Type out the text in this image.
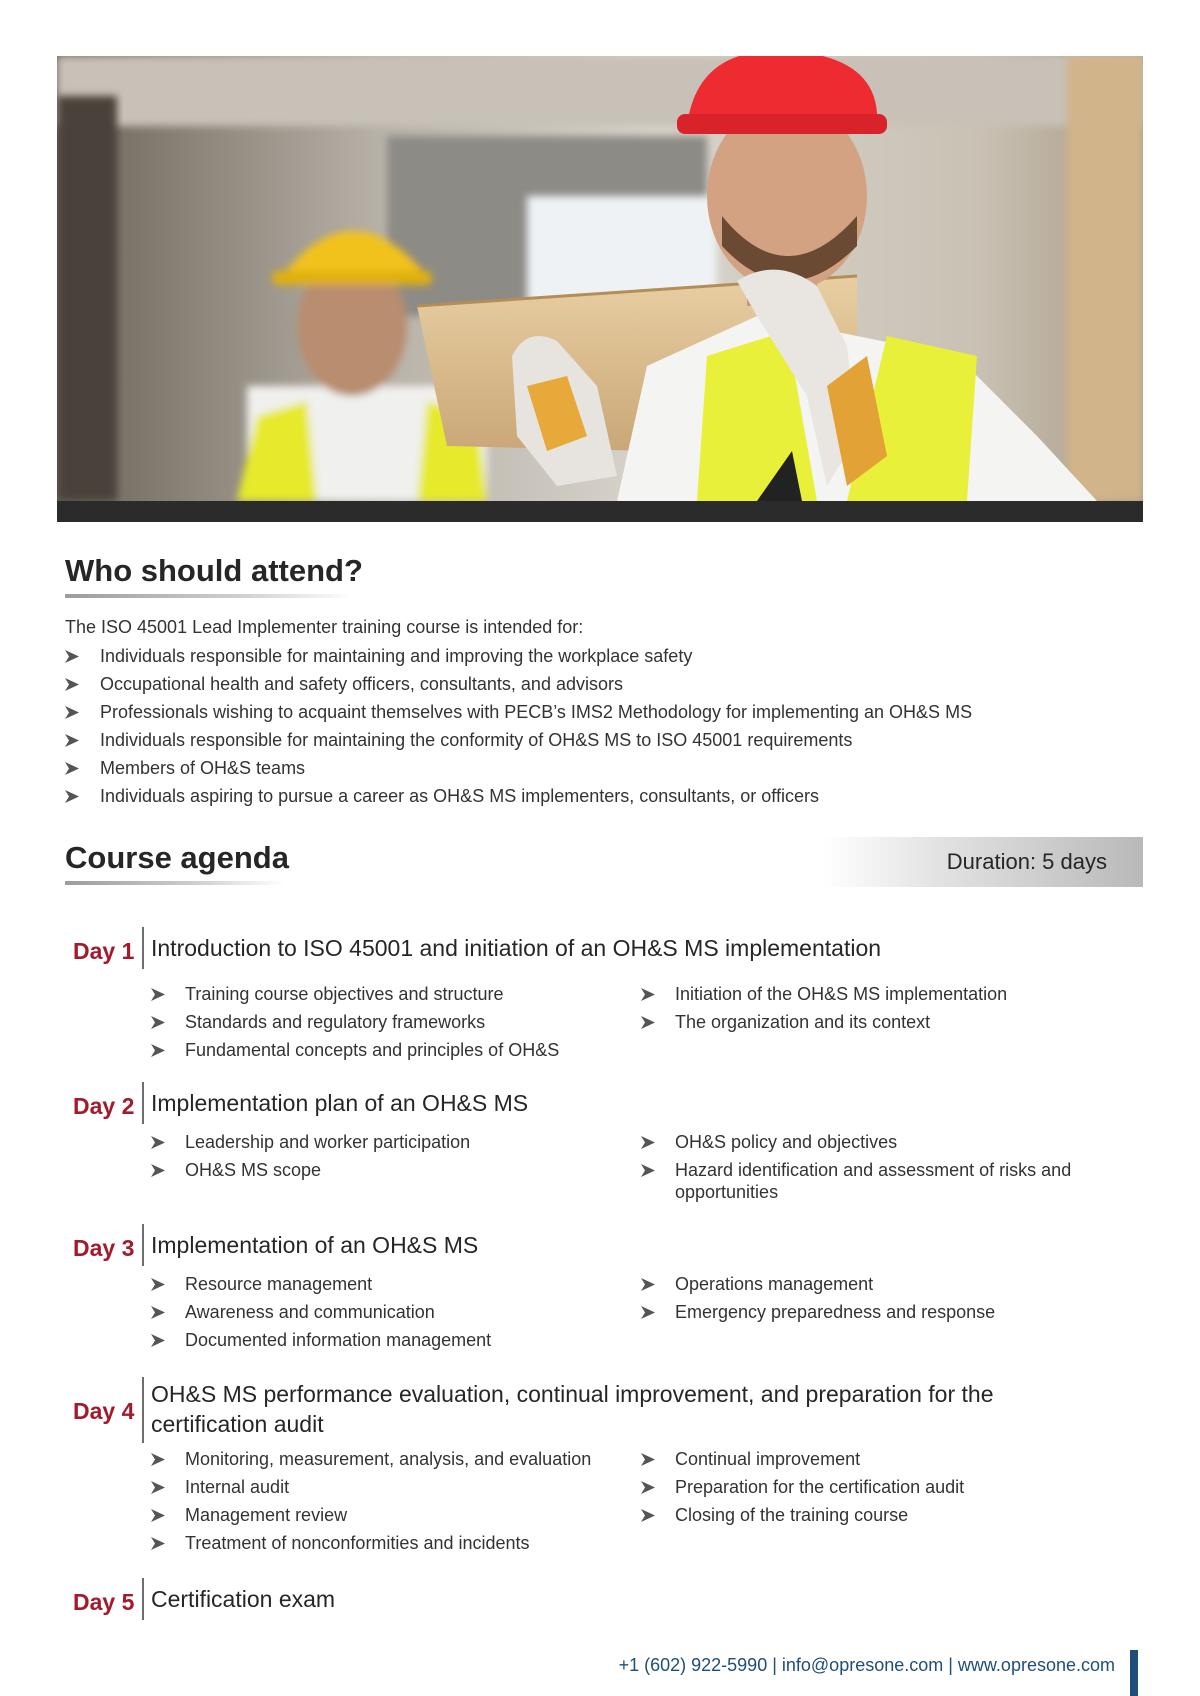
Who should attend?
The ISO 45001 Lead Implementer training course is intended for:
Individuals responsible for maintaining and improving the workplace safety
Occupational health and safety officers, consultants, and advisors
Professionals wishing to acquaint themselves with PECB’s IMS2 Methodology for implementing an OH&S MS
Individuals responsible for maintaining the conformity of OH&S MS to ISO 45001 requirements
Members of OH&S teams
Individuals aspiring to pursue a career as OH&S MS implementers, consultants, or officers
Course agenda	Duration: 5 days
Day 1 Introduction to ISO 45001 and initiation of an OH&S MS implementation
Training course objectives and structure
Standards and regulatory frameworks
Fundamental concepts and principles of OH&S
Initiation of the OH&S MS implementation
The organization and its context
Day 2 Implementation plan of an OH&S MS
Leadership and worker participation
OH&S MS scope
OH&S policy and objectives
Hazard identification and assessment of risks and opportunities
Day 3 Implementation of an OH&S MS
Resource management
Awareness and communication
Documented information management
Operations management
Emergency preparedness and response
Day 4
OH&S MS performance evaluation, continual improvement, and preparation for the certification audit
Monitoring, measurement, analysis, and evaluation
Internal audit
Management review
Treatment of nonconformities and incidents
Continual improvement
Preparation for the certification audit
Closing of the training course
Day 5 Certification exam
+1 (602) 922-5990 | info@opresone.com | www.opresone.com
